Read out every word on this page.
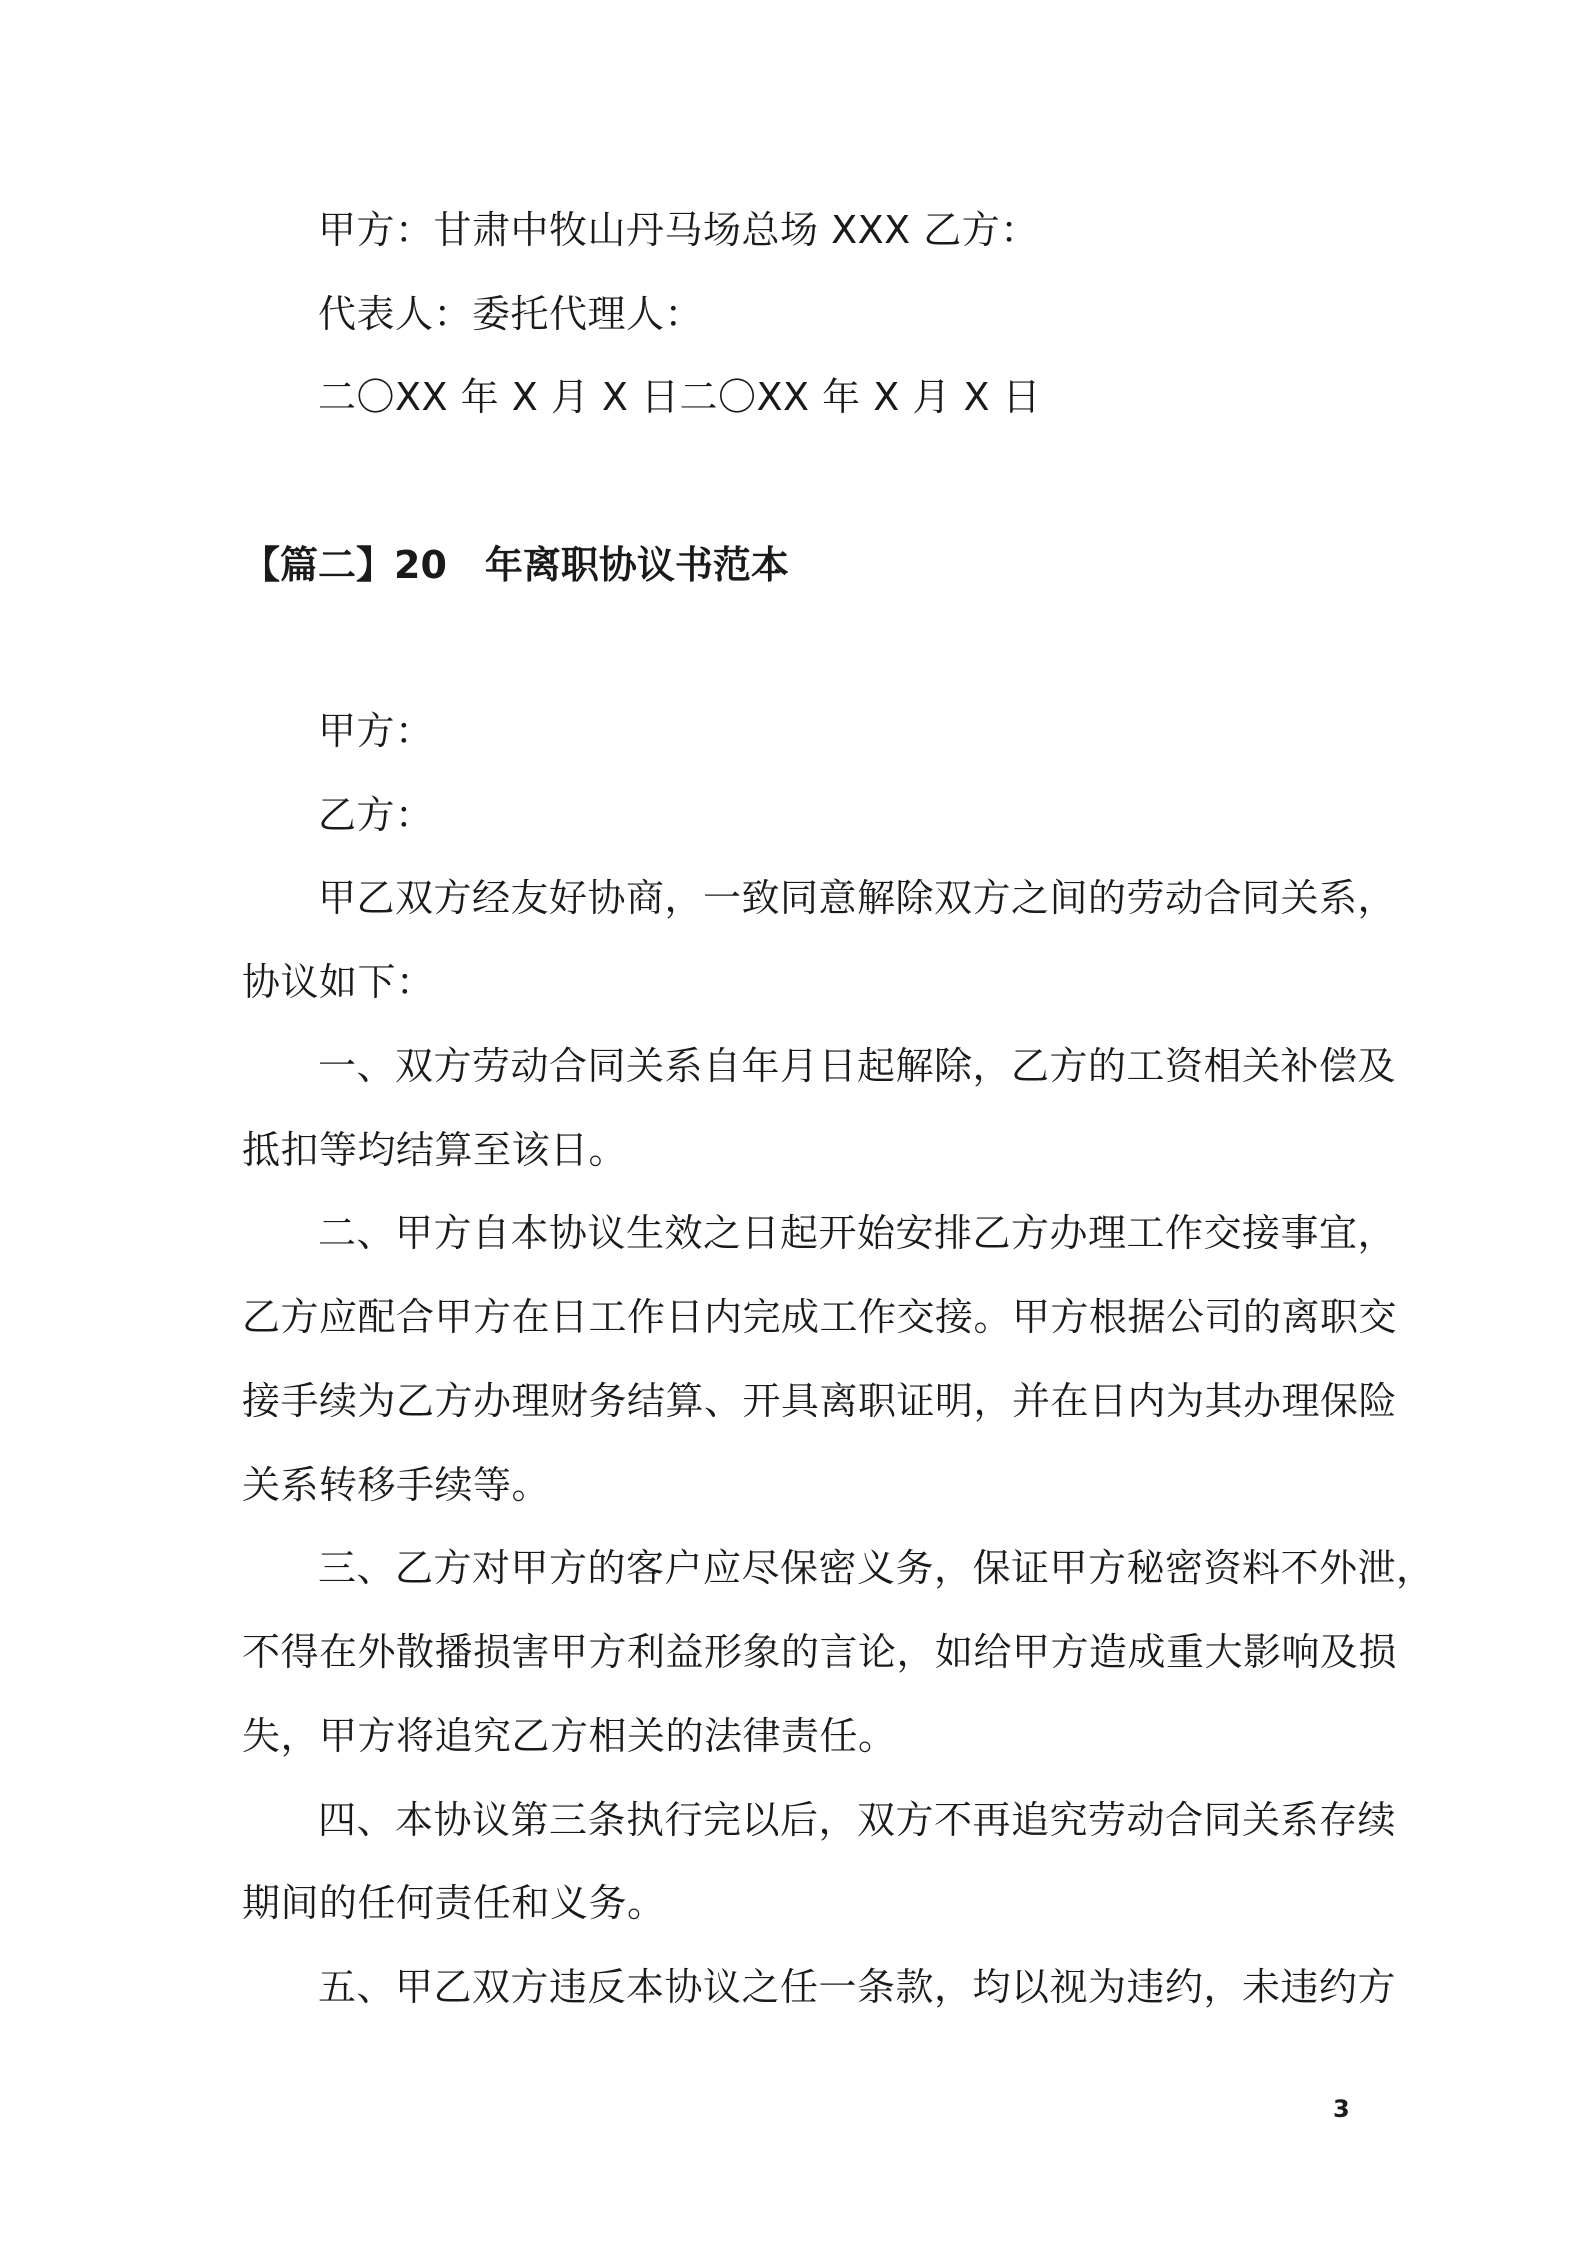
甲方：甘肃中牧山丹马场总场 XXX 乙方：
代表人：委托代理人：
二〇XX 年 X 月 X 日二〇XX 年 X 月 X 日
【篇二】20　年离职协议书范本
甲方：
乙方：
甲乙双方经友好协商，一致同意解除双方之间的劳动合同关系，
协议如下：
一、双方劳动合同关系自年月日起解除，乙方的工资相关补偿及
抵扣等均结算至该日。
二、甲方自本协议生效之日起开始安排乙方办理工作交接事宜，
乙方应配合甲方在日工作日内完成工作交接。甲方根据公司的离职交
接手续为乙方办理财务结算、开具离职证明，并在日内为其办理保险
关系转移手续等。
三、乙方对甲方的客户应尽保密义务，保证甲方秘密资料不外泄，
不得在外散播损害甲方利益形象的言论，如给甲方造成重大影响及损
失，甲方将追究乙方相关的法律责任。
四、本协议第三条执行完以后，双方不再追究劳动合同关系存续
期间的任何责任和义务。
五、甲乙双方违反本协议之任一条款，均以视为违约，未违约方
3
